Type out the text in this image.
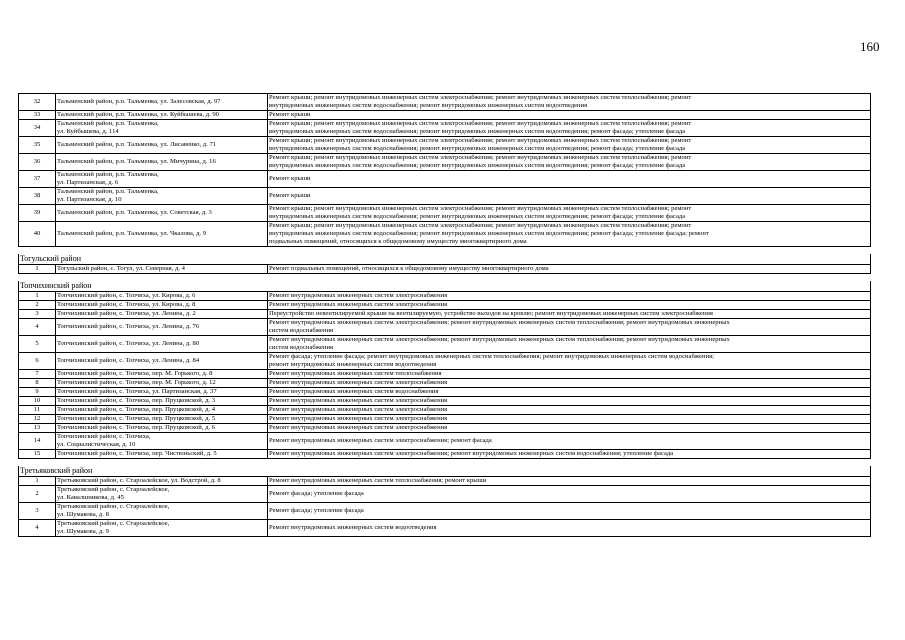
160
32	Тальменский район, р.п. Тальменка, ул. Залесовская, д. 97	Ремонт крыши; ремонт внутридомовых инженерных систем электроснабжения; ремонт внутридомовых инженерных систем теплоснабжения; ремонт
внутридомовых инженерных систем водоснабжения; ремонт внутридомовых инженерных систем водоотведения

33	Тальменский район, р.п. Тальменка, ул. Куйбышева, д. 90	Ремонт крыши

34	Тальменский район, р.п. Тальменка,
ул. Куйбышева, д. 114	Ремонт крыши; ремонт внутридомовых инженерных систем электроснабжения; ремонт внутридомовых инженерных систем теплоснабжения; ремонт
внутридомовых инженерных систем водоснабжения; ремонт внутридомовых инженерных систем водоотведения; ремонт фасада; утепление фасада

35	Тальменский район, р.п. Тальменка, ул. Лисавенко, д. 71	Ремонт крыши; ремонт внутридомовых инженерных систем электроснабжения; ремонт внутридомовых инженерных систем теплоснабжения; ремонт
внутридомовых инженерных систем водоснабжения; ремонт внутридомовых инженерных систем водоотведения; ремонт фасада; утепление фасада

36	Тальменский район, р.п. Тальменка, ул. Мичурина, д. 16	Ремонт крыши; ремонт внутридомовых инженерных систем электроснабжения; ремонт внутридомовых инженерных систем теплоснабжения; ремонт
внутридомовых инженерных систем водоснабжения; ремонт внутридомовых инженерных систем водоотведения; ремонт фасада; утепление фасада

37	Тальменский район, р.п. Тальменка,
ул. Партизанская, д. 6	Ремонт крыши

38	Тальменский район, р.п. Тальменка,
ул. Партизанская, д. 10	Ремонт крыши

39	Тальменский район, р.п. Тальменка, ул. Советская, д. 3	Ремонт крыши; ремонт внутридомовых инженерных систем электроснабжения; ремонт внутридомовых инженерных систем теплоснабжения; ремонт
внутридомовых инженерных систем водоснабжения; ремонт внутридомовых инженерных систем водоотведения; ремонт фасада; утепление фасада

40	Тальменский район, р.п. Тальменка, ул. Чкалова, д. 9	Ремонт крыши; ремонт внутридомовых инженерных систем электроснабжения; ремонт внутридомовых инженерных систем теплоснабжения; ремонт
внутридомовых инженерных систем водоснабжения; ремонт внутридомовых инженерных систем водоотведения; ремонт фасада; утепление фасада; ремонт
подвальных помещений, относящихся к общедомовому имуществу многоквартирного дома

Тогульский район		
1	Тогульский район, с. Тогул, ул. Северная, д. 4	Ремонт подвальных помещений, относящихся к общедомовому имуществу многоквартирного дома

Топчихинский район		
1	Топчихинский район, с. Топчиха, ул. Кирова, д. 6	Ремонт внутридомовых инженерных систем электроснабжения

2	Топчихинский район, с. Топчиха, ул. Кирова, д. 8	Ремонт внутридомовых инженерных систем электроснабжения

3	Топчихинский район, с. Топчиха, ул. Ленина, д. 2	Переустройство невентилируемой крыши на вентилируемую, устройство выходов на кровлю; ремонт внутридомовых инженерных систем электроснабжения

4	Топчихинский район, с. Топчиха, ул. Ленина, д. 76	Ремонт внутридомовых инженерных систем электроснабжения; ремонт внутридомовых инженерных систем теплоснабжения; ремонт внутридомовых инженерных
систем водоснабжения

5	Топчихинский район, с. Топчиха, ул. Ленина, д. 80	Ремонт внутридомовых инженерных систем электроснабжения; ремонт внутридомовых инженерных систем теплоснабжения; ремонт внутридомовых инженерных
систем водоснабжения

6	Топчихинский район, с. Топчиха, ул. Ленина, д. 84	Ремонт фасада; утепление фасада; ремонт внутридомовых инженерных систем теплоснабжения; ремонт внутридомовых инженерных систем водоснабжения;
ремонт внутридомовых инженерных систем водоотведения

7	Топчихинский район, с. Топчиха, пер. М. Горького, д. 8	Ремонт внутридомовых инженерных систем теплоснабжения

8	Топчихинский район, с. Топчиха, пер. М. Горького, д. 12	Ремонт внутридомовых инженерных систем электроснабжения

9	Топчихинский район, с. Топчиха, ул. Партизанская, д. 37	Ремонт внутридомовых инженерных систем водоснабжения

10	Топчихинский район, с. Топчиха, пер. Пруцковской, д. 3	Ремонт внутридомовых инженерных систем электроснабжения

11	Топчихинский район, с. Топчиха, пер. Пруцковской, д. 4	Ремонт внутридомовых инженерных систем электроснабжения

12	Топчихинский район, с. Топчиха, пер. Пруцковской, д. 5	Ремонт внутридомовых инженерных систем электроснабжения

13	Топчихинский район, с. Топчиха, пер. Пруцковской, д. 6	Ремонт внутридомовых инженерных систем электроснабжения

14	Топчихинский район, с. Топчиха,
ул. Социалистическая, д. 10	Ремонт внутридомовых инженерных систем электроснабжения; ремонт фасада

15	Топчихинский район, с. Топчиха, пер. Чистюньский, д. 5	Ремонт внутридомовых инженерных систем электроснабжения; ремонт внутридомовых инженерных систем водоснабжения; утепление фасада

Третьяковский район		
1	Третьяковский район, с. Староалейское, ул. Водстрой, д. 8	Ремонт внутридомовых инженерных систем теплоснабжения; ремонт крыши

2	Третьяковский район, с. Староалейское,
ул. Кавалшникова, д. 45	Ремонт фасада; утепление фасада

3	Третьяковский район, с. Староалейское,
ул. Шумакова, д. 8	Ремонт фасада; утепление фасада

4	Третьяковский район, с. Староалейское,
ул. Шумакова, д. 9	Ремонт внутридомовых инженерных систем водоотведения
